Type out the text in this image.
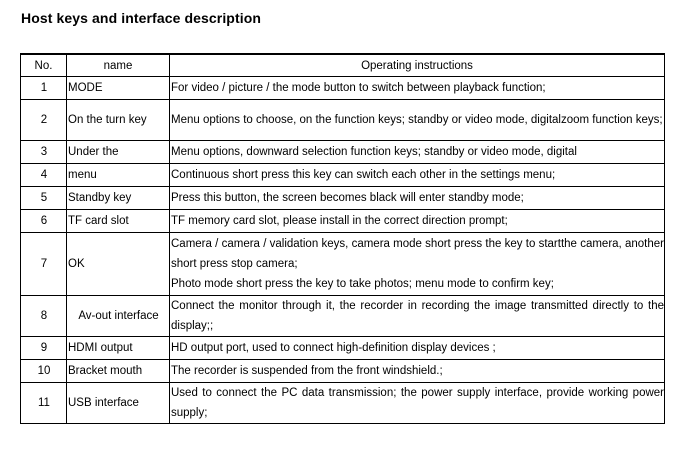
Host keys and interface description
No.	name	Operating instructions
1	MODE	For video / picture / the mode button to switch between playback function;

2	On the turn key	Menu options to choose, on the function keys; standby or video mode, digitalzoom function keys;

3	Under the	Menu options, downward selection function keys; standby or video mode, digital

4	menu	Continuous short press this key can switch each other in the settings menu;

5	Standby key	Press this button, the screen becomes black will enter standby mode;

6	TF card slot	TF memory card slot, please install in the correct direction prompt;

7	OK	Camera / camera / validation keys, camera mode short press the key to startthe camera, another short press stop camera;
Photo mode short press the key to take photos; menu mode to confirm key;

8	Av-out interface	Connect the monitor through it, the recorder in recording the image transmitted directly to the display;;

9	HDMI output	HD output port, used to connect high-definition display devices ;

10	Bracket mouth	The recorder is suspended from the front windshield.;

11	USB interface	Used to connect the PC data transmission; the power supply interface, provide working power supply;
